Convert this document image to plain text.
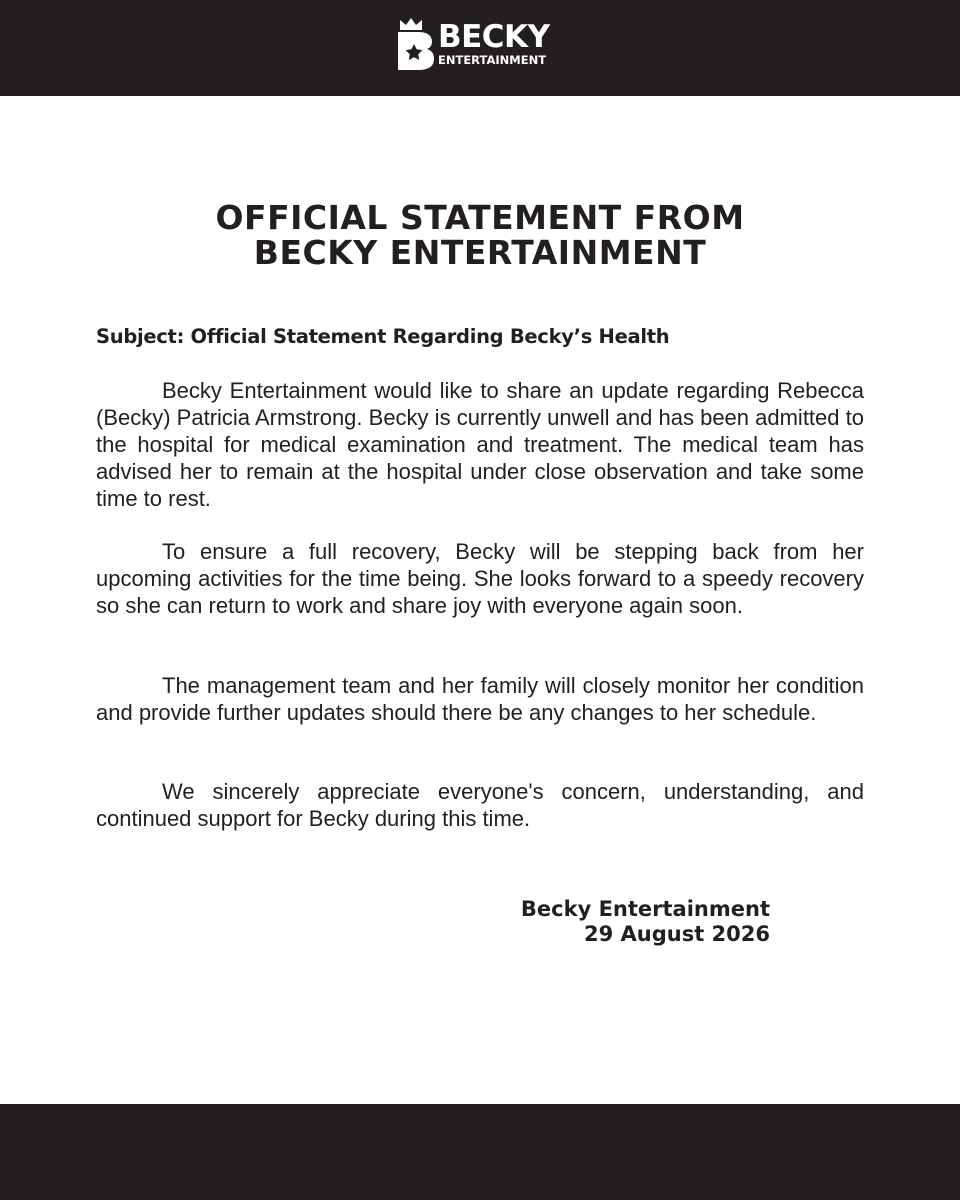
BECKY
ENTERTAINMENT
OFFICIAL STATEMENT FROM
BECKY ENTERTAINMENT

Subject: Official Statement Regarding Becky’s Health

Becky Entertainment would like to share an update regarding Rebecca (Becky) Patricia Armstrong. Becky is currently unwell and has been admitted to the hospital for medical examination and treatment. The medical team has advised her to remain at the hospital under close observation and take some time to rest.

To ensure a full recovery, Becky will be stepping back from her upcoming activities for the time being. She looks forward to a speedy recovery so she can return to work and share joy with everyone again soon.

The management team and her family will closely monitor her condition and provide further updates should there be any changes to her schedule.

We sincerely appreciate everyone's concern, understanding, and continued support for Becky during this time.

Becky Entertainment
29 August 2026
